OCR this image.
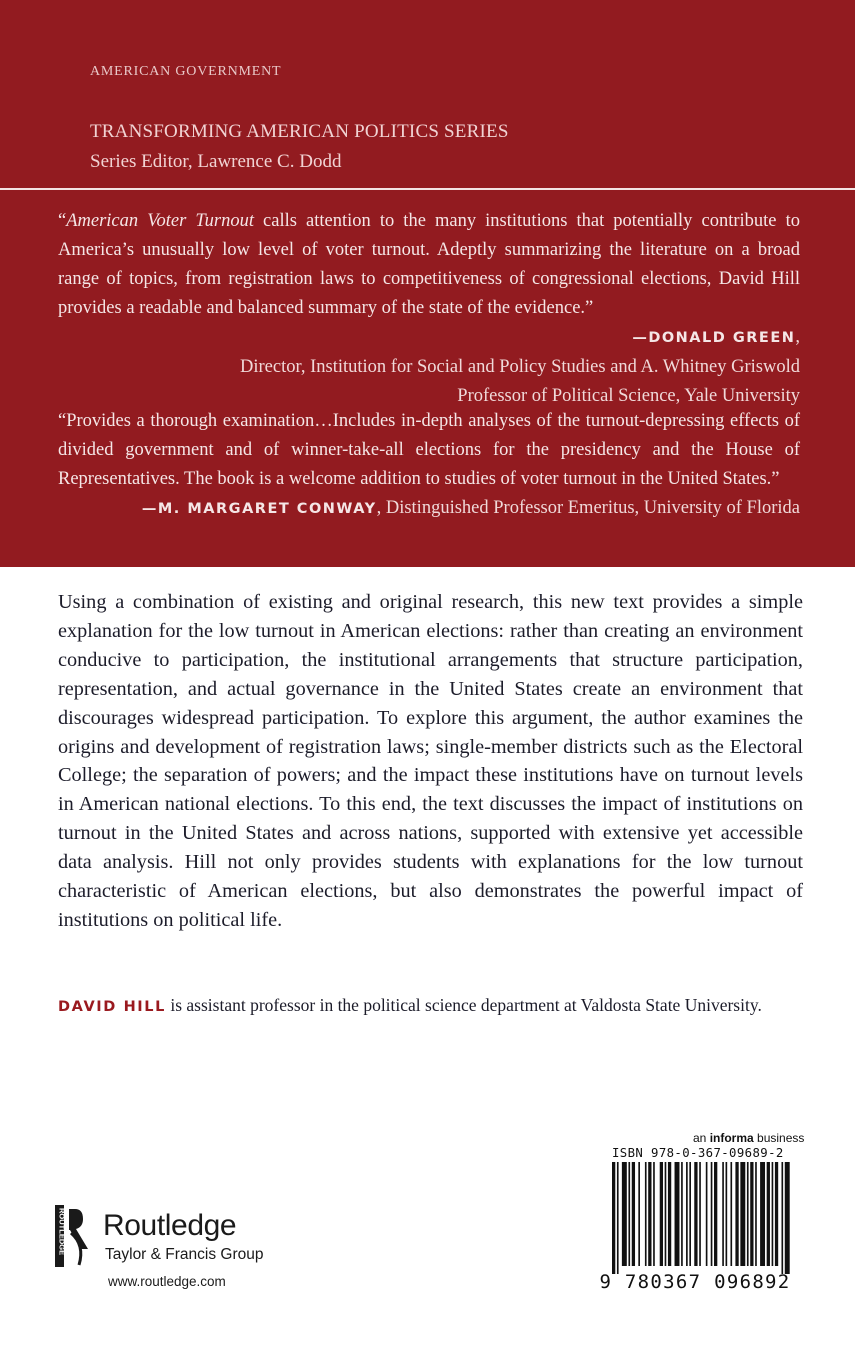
AMERICAN GOVERNMENT
TRANSFORMING AMERICAN POLITICS SERIES
Series Editor, Lawrence C. Dodd
“American Voter Turnout calls attention to the many institutions that potentially contribute to America’s unusually low level of voter turnout. Adeptly summarizing the literature on a broad range of topics, from registration laws to competitiveness of congressional elections, David Hill provides a readable and balanced summary of the state of the evidence.”
—DONALD GREEN,
Director, Institution for Social and Policy Studies and A. Whitney Griswold
Professor of Political Science, Yale University
“Provides a thorough examination…Includes in-depth analyses of the turnout-depressing effects of divided government and of winner-take-all elections for the presidency and the House of Representatives. The book is a welcome addition to studies of voter turnout in the United States.”
—M. MARGARET CONWAY, Distinguished Professor Emeritus, University of Florida
Using a combination of existing and original research, this new text provides a simple explanation for the low turnout in American elections: rather than creating an environment conducive to participation, the institutional arrangements that structure participation, representation, and actual governance in the United States create an environment that discourages widespread participation. To explore this argument, the author examines the origins and development of registration laws; single-member districts such as the Electoral College; the separation of powers; and the impact these institutions have on turnout levels in American national elections. To this end, the text discusses the impact of institutions on turnout in the United States and across nations, supported with extensive yet accessible data analysis. Hill not only provides students with explanations for the low turnout characteristic of American elections, but also demonstrates the powerful impact of institutions on political life.
DAVID HILL is assistant professor in the political science department at Valdosta State University.
ROUTLEDGE Routledge
Taylor & Francis Group
www.routledge.com
an informa business
ISBN 978-0-367-09689-2
9 780367 096892
